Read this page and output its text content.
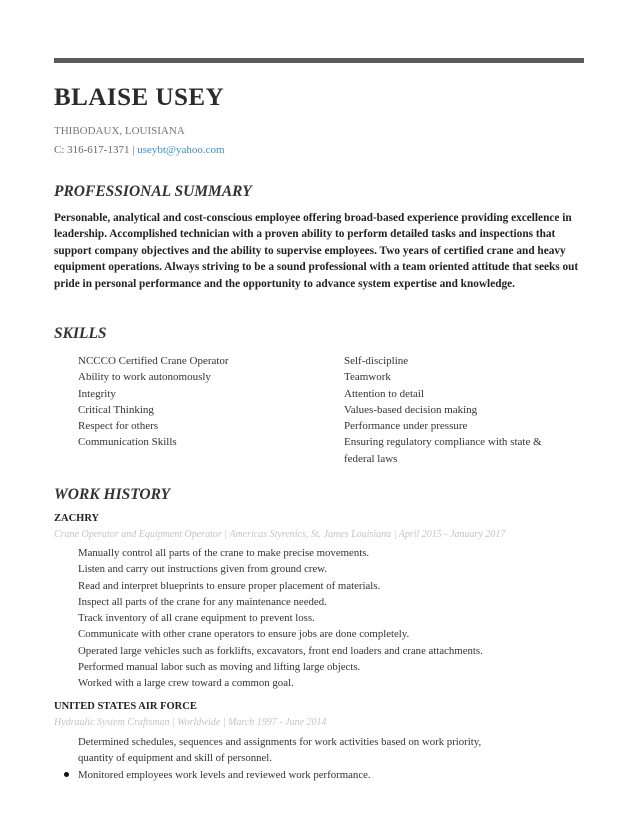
BLAISE USEY
THIBODAUX, LOUISIANA
C: 316-617-1371 | useybt@yahoo.com
PROFESSIONAL SUMMARY

Personable, analytical and cost-conscious employee offering broad-based experience providing excellence in leadership. Accomplished technician with a proven ability to perform detailed tasks and inspections that support company objectives and the ability to supervise employees. Two years of certified crane and heavy equipment operations. Always striving to be a sound professional with a team oriented attitude that seeks out pride in personal performance and the opportunity to advance system expertise and knowledge.

SKILLS
NCCCO Certified Crane Operator
Ability to work autonomously
Integrity
Critical Thinking
Respect for others
Communication Skills
Self-discipline
Teamwork
Attention to detail
Values-based decision making
Performance under pressure
Ensuring regulatory compliance with state &
federal laws
WORK HISTORY
ZACHRY
Crane Operator and Equipment Operator | Americas Styrenics, St. James Louisiana | April 2015 - January 2017
Manually control all parts of the crane to make precise movements.
Listen and carry out instructions given from ground crew.
Read and interpret blueprints to ensure proper placement of materials.
Inspect all parts of the crane for any maintenance needed.
Track inventory of all crane equipment to prevent loss.
Communicate with other crane operators to ensure jobs are done completely.
Operated large vehicles such as forklifts, excavators, front end loaders and crane attachments.
Performed manual labor such as moving and lifting large objects.
Worked with a large crew toward a common goal.
UNITED STATES AIR FORCE
Hydraulic System Craftsman | Worldwide | March 1997 - June 2014
Determined schedules, sequences and assignments for work activities based on work priority,
quantity of equipment and skill of personnel.
Monitored employees work levels and reviewed work performance.
